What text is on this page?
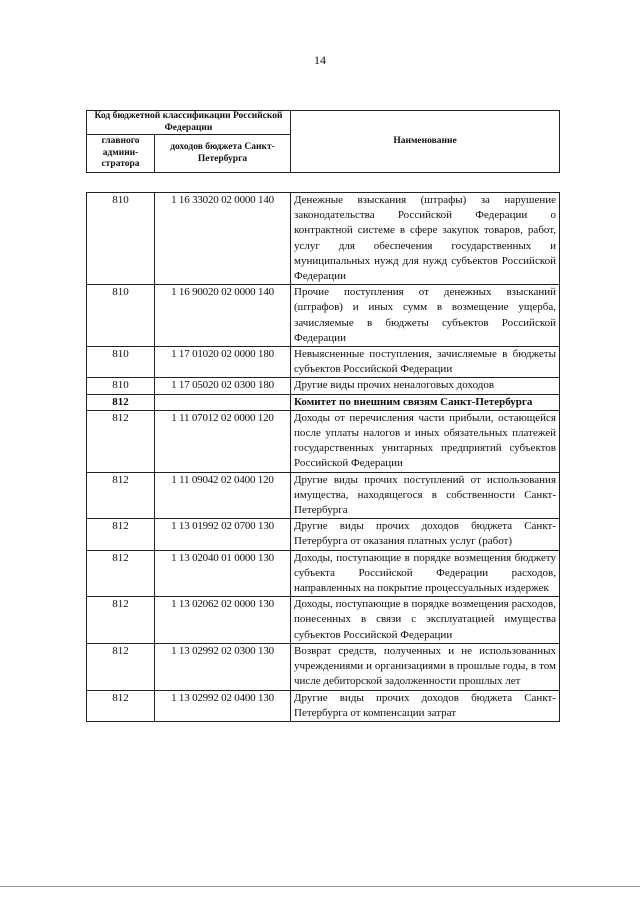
14
Код бюджетной классификации Российской Федерации		Наименование
главного админи-стратора	доходов бюджета Санкт-Петербурга	
810	1 16 33020 02 0000 140	Денежные взыскания (штрафы) за нарушение законодательства Российской Федерации о контрактной системе в сфере закупок товаров, работ, услуг для обеспечения государственных и муниципальных нужд для нужд субъектов Российской Федерации
810	1 16 90020 02 0000 140	Прочие поступления от денежных взысканий (штрафов) и иных сумм в возмещение ущерба, зачисляемые в бюджеты субъектов Российской Федерации
810	1 17 01020 02 0000 180	Невыясненные поступления, зачисляемые в бюджеты субъектов Российской Федерации
810	1 17 05020 02 0300 180	Другие виды прочих неналоговых доходов
812		Комитет по внешним связям Санкт-Петербурга
812	1 11 07012 02 0000 120	Доходы от перечисления части прибыли, остающейся после уплаты налогов и иных обязательных платежей государственных унитарных предприятий субъектов Российской Федерации
812	1 11 09042 02 0400 120	Другие виды прочих поступлений от использования имущества, находящегося в собственности Санкт-Петербурга
812	1 13 01992 02 0700 130	Другие виды прочих доходов бюджета Санкт-Петербурга от оказания платных услуг (работ)
812	1 13 02040 01 0000 130	Доходы, поступающие в порядке возмещения бюджету субъекта Российской Федерации расходов, направленных на покрытие процессуальных издержек
812	1 13 02062 02 0000 130	Доходы, поступающие в порядке возмещения расходов, понесенных в связи с эксплуатацией имущества субъектов Российской Федерации
812	1 13 02992 02 0300 130	Возврат средств, полученных и не использованных учреждениями и организациями в прошлые годы, в том числе дебиторской задолженности прошлых лет
812	1 13 02992 02 0400 130	Другие виды прочих доходов бюджета Санкт-Петербурга от компенсации затрат
